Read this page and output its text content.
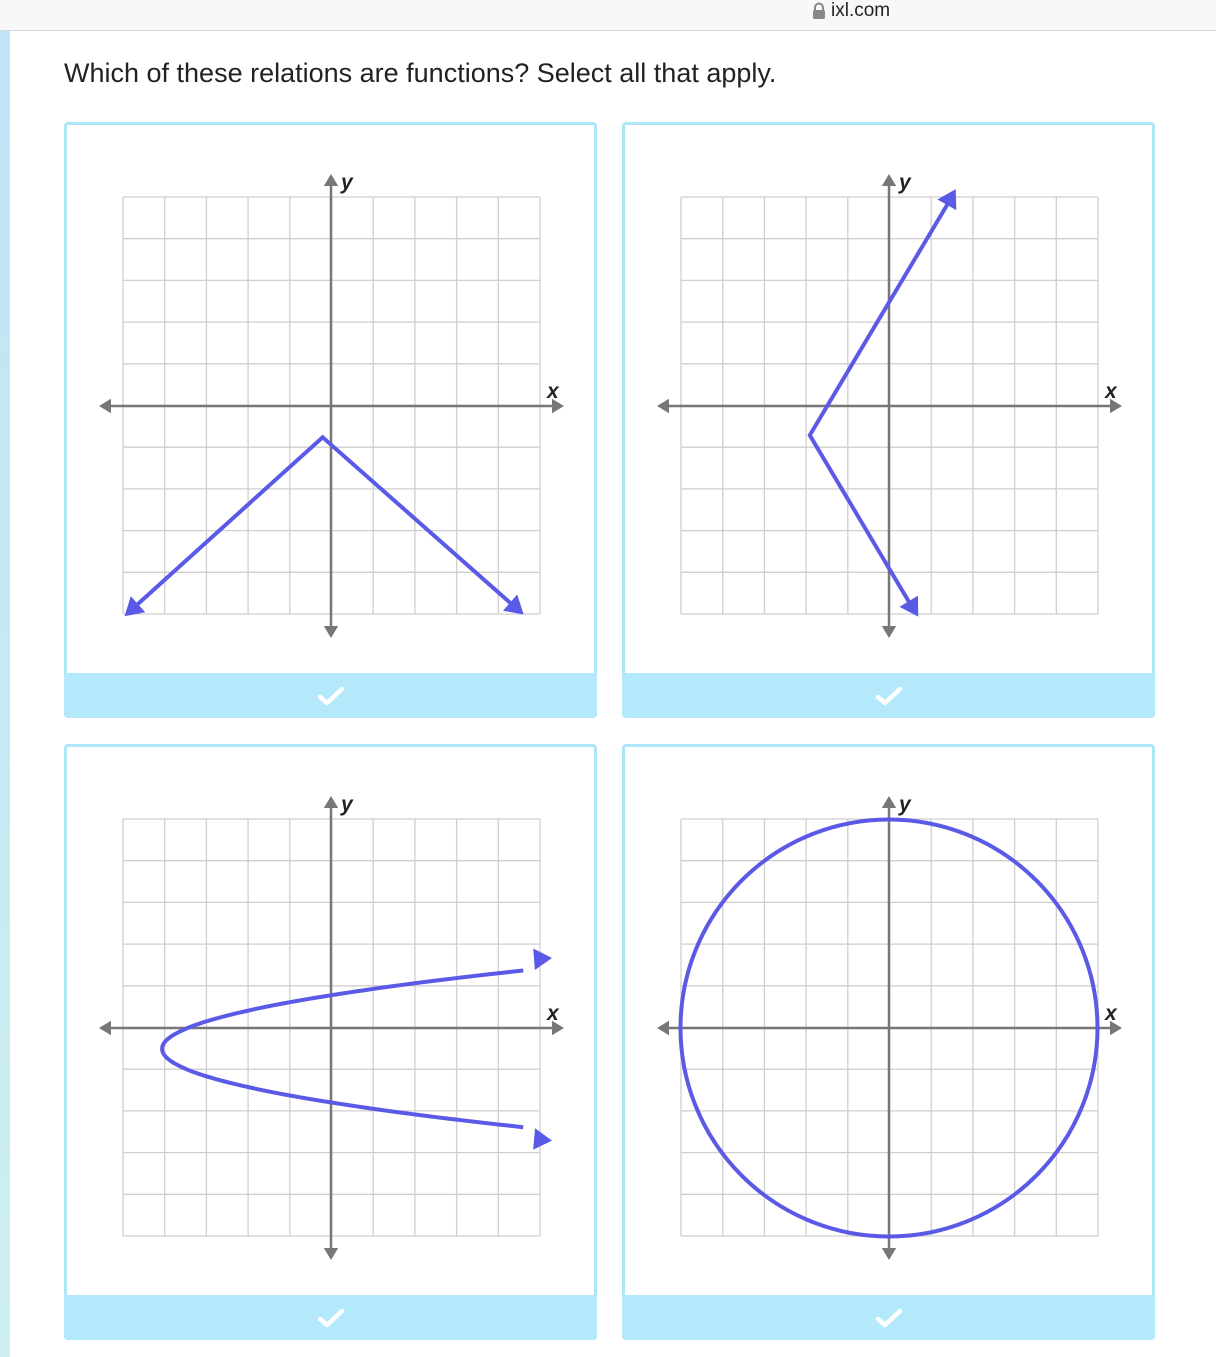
ixl.com
Which of these relations are functions? Select all that apply.
x
y
x
y
x
y
x
y
